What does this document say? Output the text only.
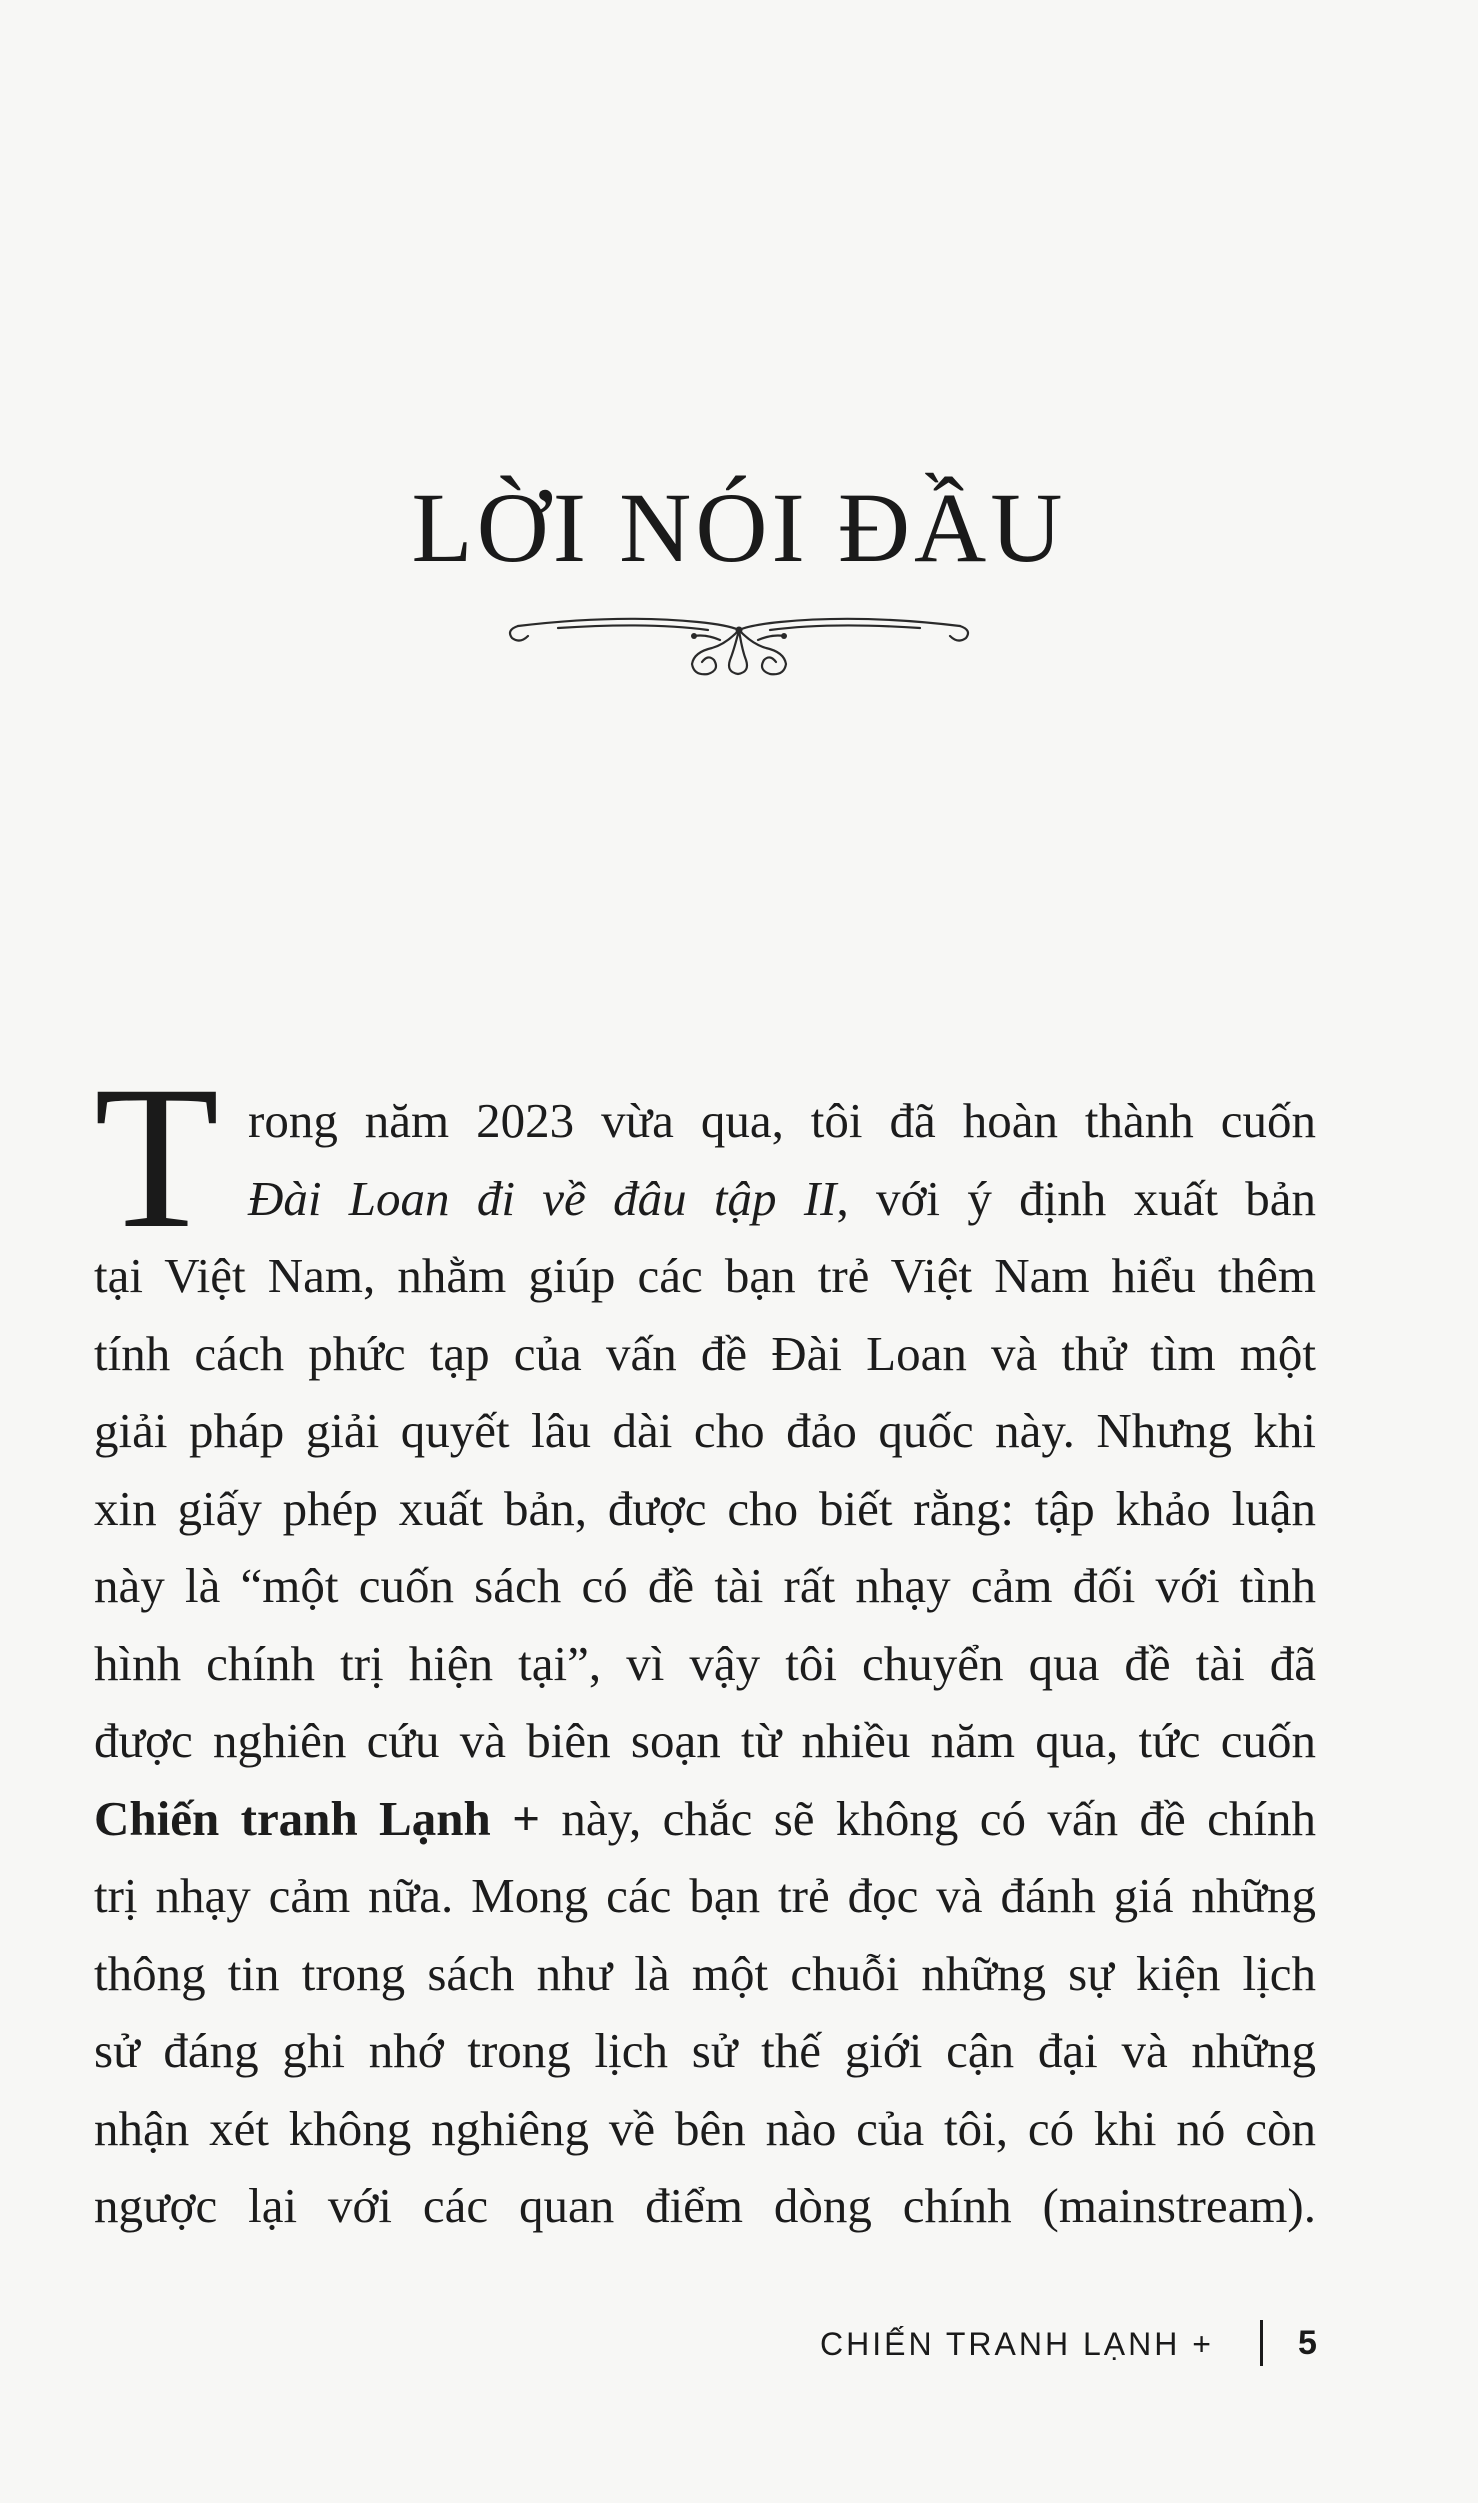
LỜI NÓI ĐẦU
T rong năm 2023 vừa qua, tôi đã hoàn thành cuốn
Đài Loan đi về đâu tập II, với ý định xuất bản
tại Việt Nam, nhằm giúp các bạn trẻ Việt Nam hiểu thêm
tính cách phức tạp của vấn đề Đài Loan và thử tìm một
giải pháp giải quyết lâu dài cho đảo quốc này. Nhưng khi
xin giấy phép xuất bản, được cho biết rằng: tập khảo luận
này là “một cuốn sách có đề tài rất nhạy cảm đối với tình
hình chính trị hiện tại”, vì vậy tôi chuyển qua đề tài đã
được nghiên cứu và biên soạn từ nhiều năm qua, tức cuốn
Chiến tranh Lạnh + này, chắc sẽ không có vấn đề chính
trị nhạy cảm nữa. Mong các bạn trẻ đọc và đánh giá những
thông tin trong sách như là một chuỗi những sự kiện lịch
sử đáng ghi nhớ trong lịch sử thế giới cận đại và những
nhận xét không nghiêng về bên nào của tôi, có khi nó còn
ngược lại với các quan điểm dòng chính (mainstream).
CHIẾN TRANH LẠNH + 5
